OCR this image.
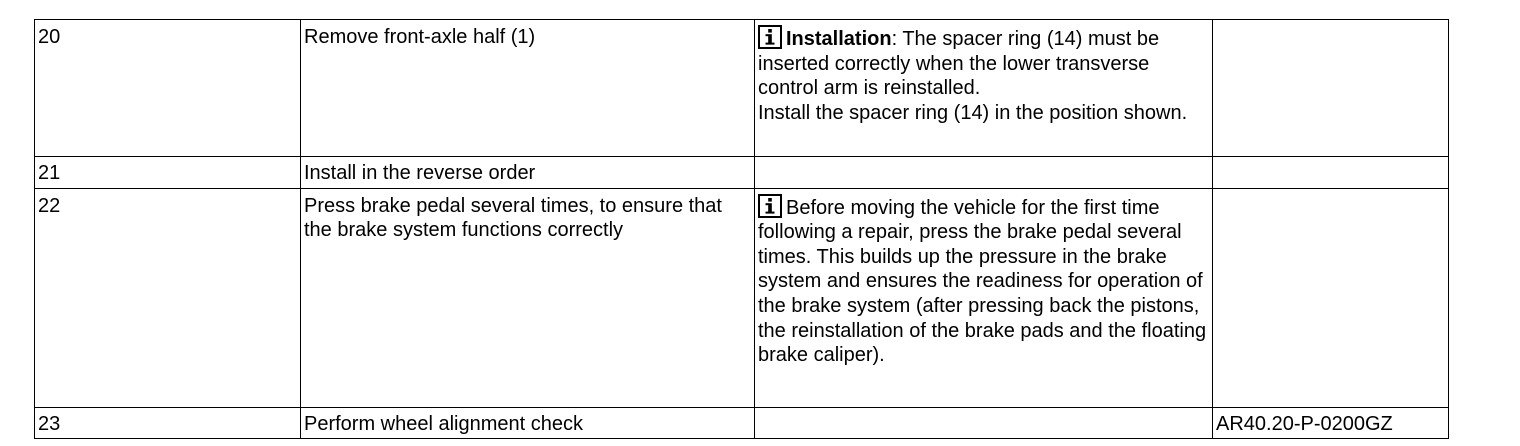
20	Remove front-axle half (1)	Installation: The spacer ring (14) must be inserted correctly when the lower transverse control arm is reinstalled.
Install the spacer ring (14) in the position shown.	
21	Install in the reverse order		
22	Press brake pedal several times, to ensure that the brake system functions correctly	Before moving the vehicle for the first time following a repair, press the brake pedal several times. This builds up the pressure in the brake system and ensures the readiness for operation of the brake system (after pressing back the pistons, the reinstallation of the brake pads and the floating brake caliper).	
23	Perform wheel alignment check		AR40.20-P-0200GZ
